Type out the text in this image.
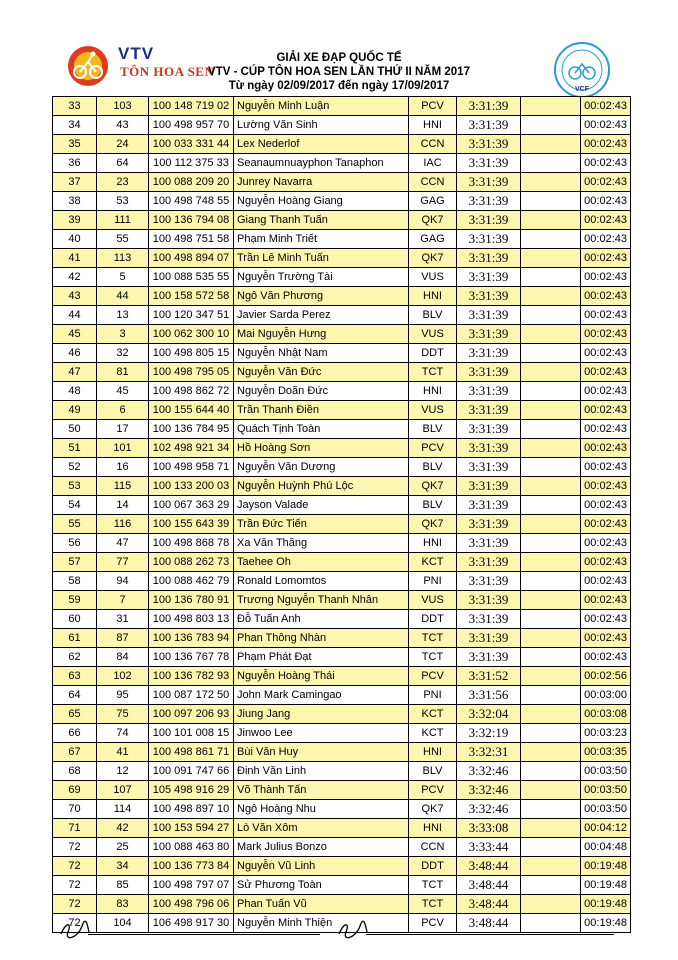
VTV
TÔN HOA SEN
GIẢI XE ĐẠP QUỐC TẾ
VTV - CÚP TÔN HOA SEN LẦN THỨ II NĂM 2017
Từ ngày 02/09/2017 đến ngày 17/09/2017	VCF
33	103	100 148 719 02	Nguyễn Minh Luận	PCV	3:31:39		00:02:43
34	43	100 498 957 70	Lường Văn Sinh	HNI	3:31:39		00:02:43
35	24	100 033 331 44	Lex Nederlof	CCN	3:31:39		00:02:43
36	64	100 112 375 33	Seanaumnuayphon Tanaphon	IAC	3:31:39		00:02:43
37	23	100 088 209 20	Junrey Navarra	CCN	3:31:39		00:02:43
38	53	100 498 748 55	Nguyễn Hoàng Giang	GAG	3:31:39		00:02:43
39	111	100 136 794 08	Giang Thanh Tuấn	QK7	3:31:39		00:02:43
40	55	100 498 751 58	Phạm Minh Triết	GAG	3:31:39		00:02:43
41	113	100 498 894 07	Trần Lê Minh Tuấn	QK7	3:31:39		00:02:43
42	5	100 088 535 55	Nguyễn Trường Tài	VUS	3:31:39		00:02:43
43	44	100 158 572 58	Ngô Văn Phương	HNI	3:31:39		00:02:43
44	13	100 120 347 51	Javier Sarda Perez	BLV	3:31:39		00:02:43
45	3	100 062 300 10	Mai Nguyễn Hưng	VUS	3:31:39		00:02:43
46	32	100 498 805 15	Nguyễn Nhật Nam	DDT	3:31:39		00:02:43
47	81	100 498 795 05	Nguyễn Văn Đức	TCT	3:31:39		00:02:43
48	45	100 498 862 72	Nguyễn Doãn Đức	HNI	3:31:39		00:02:43
49	6	100 155 644 40	Trần Thanh Điền	VUS	3:31:39		00:02:43
50	17	100 136 784 95	Quách Tịnh Toàn	BLV	3:31:39		00:02:43
51	101	102 498 921 34	Hồ Hoàng Sơn	PCV	3:31:39		00:02:43
52	16	100 498 958 71	Nguyễn Văn Dương	BLV	3:31:39		00:02:43
53	115	100 133 200 03	Nguyễn Huỳnh Phú Lộc	QK7	3:31:39		00:02:43
54	14	100 067 363 29	Jayson Valade	BLV	3:31:39		00:02:43
55	116	100 155 643 39	Trần Đức Tiến	QK7	3:31:39		00:02:43
56	47	100 498 868 78	Xa Văn Thăng	HNI	3:31:39		00:02:43
57	77	100 088 262 73	Taehee Oh	KCT	3:31:39		00:02:43
58	94	100 088 462 79	Ronald Lomomtos	PNI	3:31:39		00:02:43
59	7	100 136 780 91	Trương Nguyễn Thanh Nhân	VUS	3:31:39		00:02:43
60	31	100 498 803 13	Đỗ Tuấn Anh	DDT	3:31:39		00:02:43
61	87	100 136 783 94	Phan Thông Nhàn	TCT	3:31:39		00:02:43
62	84	100 136 767 78	Phạm Phát Đạt	TCT	3:31:39		00:02:43
63	102	100 136 782 93	Nguyễn Hoàng Thái	PCV	3:31:52		00:02:56
64	95	100 087 172 50	John Mark Camingao	PNI	3:31:56		00:03:00
65	75	100 097 206 93	Jiung Jang	KCT	3:32:04		00:03:08
66	74	100 101 008 15	Jinwoo Lee	KCT	3:32:19		00:03:23
67	41	100 498 861 71	Bùi Văn Huy	HNI	3:32:31		00:03:35
68	12	100 091 747 66	Đinh Văn Linh	BLV	3:32:46		00:03:50
69	107	105 498 916 29	Võ Thành Tấn	PCV	3:32:46		00:03:50
70	114	100 498 897 10	Ngô Hoàng Nhu	QK7	3:32:46		00:03:50
71	42	100 153 594 27	Lò Văn Xôm	HNI	3:33:08		00:04:12
72	25	100 088 463 80	Mark Julius Bonzo	CCN	3:33:44		00:04:48
72	34	100 136 773 84	Nguyễn Vũ Linh	DDT	3:48:44		00:19:48
72	85	100 498 797 07	Sử Phương Toàn	TCT	3:48:44		00:19:48
72	83	100 498 796 06	Phan Tuấn Vũ	TCT	3:48:44		00:19:48
72	104	106 498 917 30	Nguyễn Minh Thiện	PCV	3:48:44		00:19:48
